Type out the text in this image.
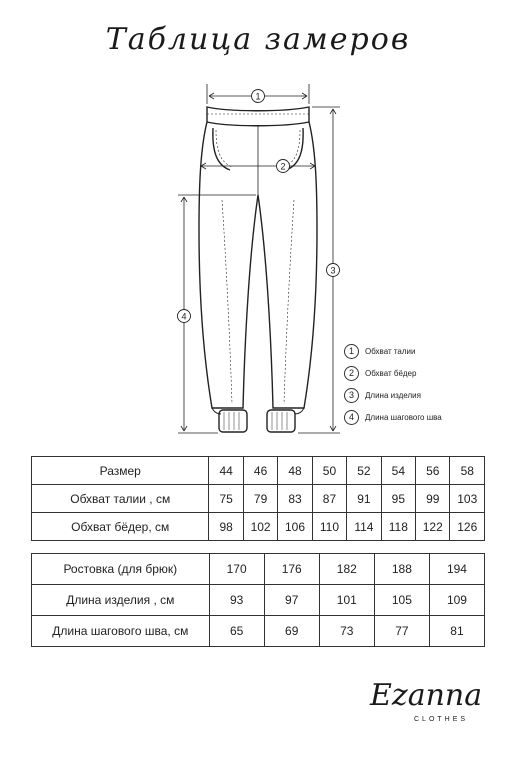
Таблица замеров
1
2
3
4
1	Обхват талии
2	Обхват бёдер
3	Длина изделия
4	Длина шагового шва
Размер	44	46	48	50	52	54	56	58
Обхват талии , см	75	79	83	87	91	95	99	103
Обхват бёдер, см	98	102	106	110	114	118	122	126
Ростовка (для брюк)	170	176	182	188	194
Длина изделия , см	93	97	101	105	109
Длина шагового шва, см	65	69	73	77	81
Ezanna
CLOTHES
